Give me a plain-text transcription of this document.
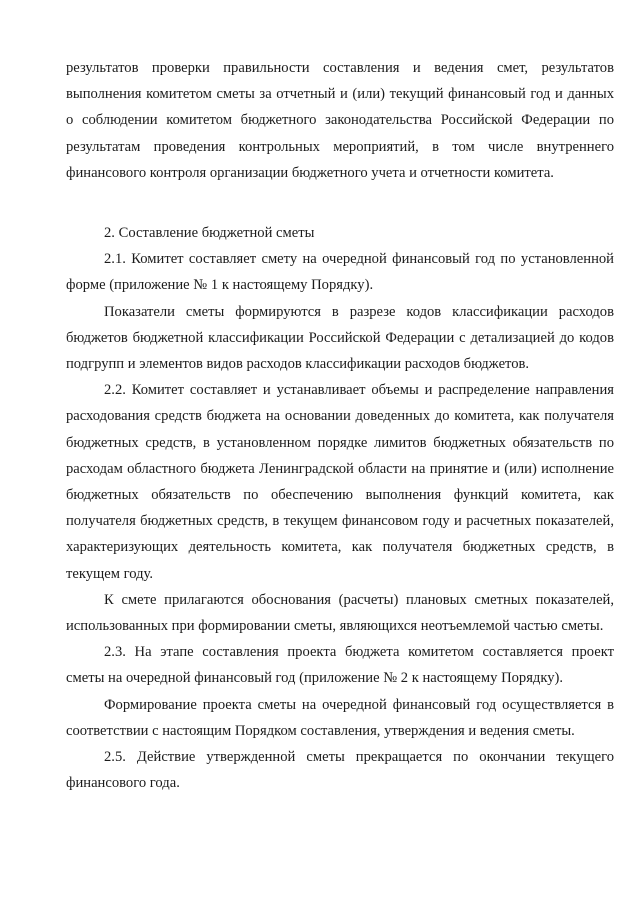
результатов проверки правильности составления и ведения смет, результатов выполнения комитетом сметы за отчетный и (или) текущий финансовый год и данных о соблюдении комитетом бюджетного законодательства Российской Федерации по результатам проведения контрольных мероприятий, в том числе внутреннего финансового контроля организации бюджетного учета и отчетности комитета.

2. Составление бюджетной сметы

2.1. Комитет составляет смету на очередной финансовый год по установленной форме (приложение № 1 к настоящему Порядку).

Показатели сметы формируются в разрезе кодов классификации расходов бюджетов бюджетной классификации Российской Федерации с детализацией до кодов подгрупп и элементов видов расходов классификации расходов бюджетов.

2.2. Комитет составляет и устанавливает объемы и распределение направления расходования средств бюджета на основании доведенных до комитета, как получателя бюджетных средств, в установленном порядке лимитов бюджетных обязательств по расходам областного бюджета Ленинградской области на принятие и (или) исполнение бюджетных обязательств по обеспечению выполнения функций комитета, как получателя бюджетных средств, в текущем финансовом году и расчетных показателей, характеризующих деятельность комитета, как получателя бюджетных средств, в текущем году.

К смете прилагаются обоснования (расчеты) плановых сметных показателей, использованных при формировании сметы, являющихся неотъемлемой частью сметы.

2.3. На этапе составления проекта бюджета комитетом составляется проект сметы на очередной финансовый год (приложение № 2 к настоящему Порядку).

Формирование проекта сметы на очередной финансовый год осуществляется в соответствии с настоящим Порядком составления, утверждения и ведения сметы.

2.5. Действие утвержденной сметы прекращается по окончании текущего финансового года.
